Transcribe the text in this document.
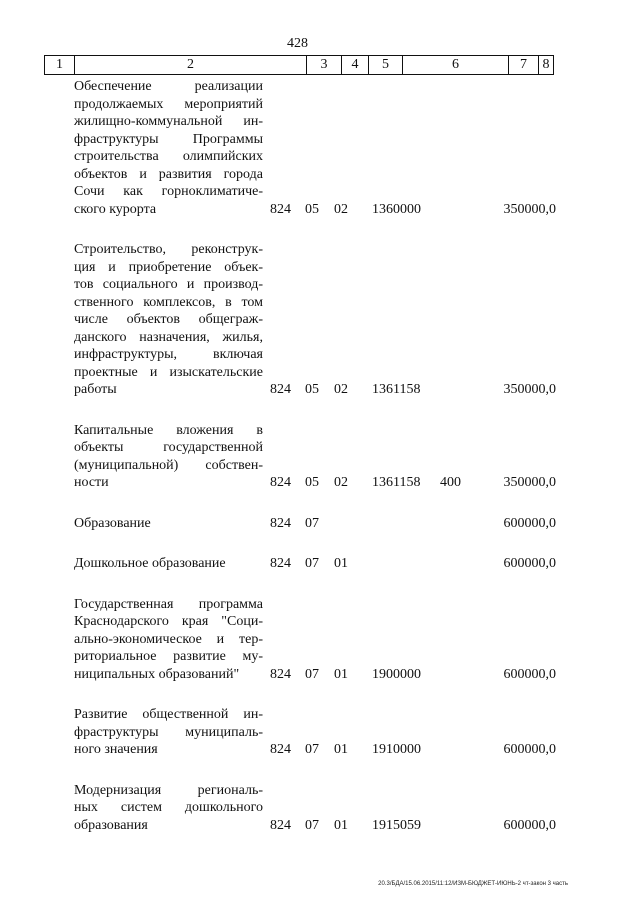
428
1	2	3	4	5	6	7	8
Обеспечение реализации
продолжаемых мероприятий
жилищно-коммунальной ин-
фраструктуры Программы
строительства олимпийских
объектов и развития города
Сочи как горноклиматиче-
ского курорта	824 05 02 1360000	350000,0
Строительство, реконструк-
ция и приобретение объек-
тов социального и производ-
ственного комплексов, в том
числе объектов общеграж-
данского назначения, жилья,
инфраструктуры, включая
проектные и изыскательские
работы	824 05 02 1361158	350000,0
Капитальные вложения в
объекты государственной
(муниципальной) собствен-
ности	824 05 02 1361158 400	350000,0
Образование	824 07	600000,0
Дошкольное образование	824 07 01	600000,0
Государственная программа
Краснодарского края "Соци-
ально-экономическое и тер-
риториальное развитие му-
ниципальных образований"	824 07 01 1900000	600000,0
Развитие общественной ин-
фраструктуры муниципаль-
ного значения	824 07 01 1910000	600000,0
Модернизация региональ-
ных систем дошкольного
образования	824 07 01 1915059	600000,0
20.3/БДА/15.06.2015/11:12/ИЗМ-БЮДЖЕТ-ИЮНЬ-2 чт-закон 3 часть
